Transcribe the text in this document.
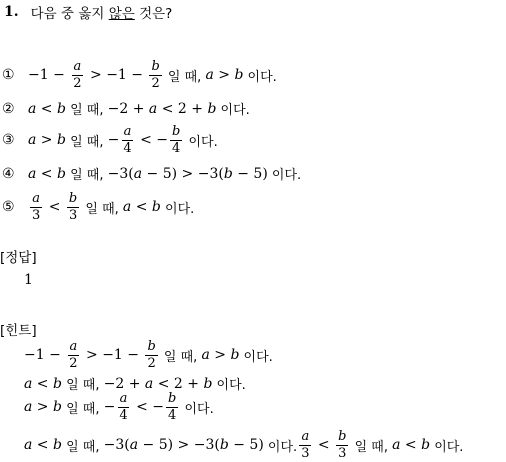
1. 다음 중 옳지 않은 것은?
① $-1 - \frac{a}{2} > -1 - \frac{b}{2}$ 일 때, a > b 이다.
② a < b 일 때, −2 + a < 2 + b 이다.
③ a > b 일 때, − $\frac{a}{4}$ < − $\frac{b}{4}$ 이다.
④ a < b 일 때, −3(a − 5) > −3(b − 5) 이다.
⑤ $\frac{a}{3} < \frac{b}{3}$ 일 때, a < b 이다.
[정답]
1
[힌트]
$-1 - \frac{a}{2} > -1 - \frac{b}{2}$ 일 때, a > b 이다.
a < b 일 때, −2 + a < 2 + b 이다.
a > b 일 때, − $\frac{a}{4}$ < − $\frac{b}{4}$ 이다.
a < b 일 때, −3(a − 5) > −3(b − 5) 이다. $\frac{a}{3} < \frac{b}{3}$ 일 때, a < b 이다.
